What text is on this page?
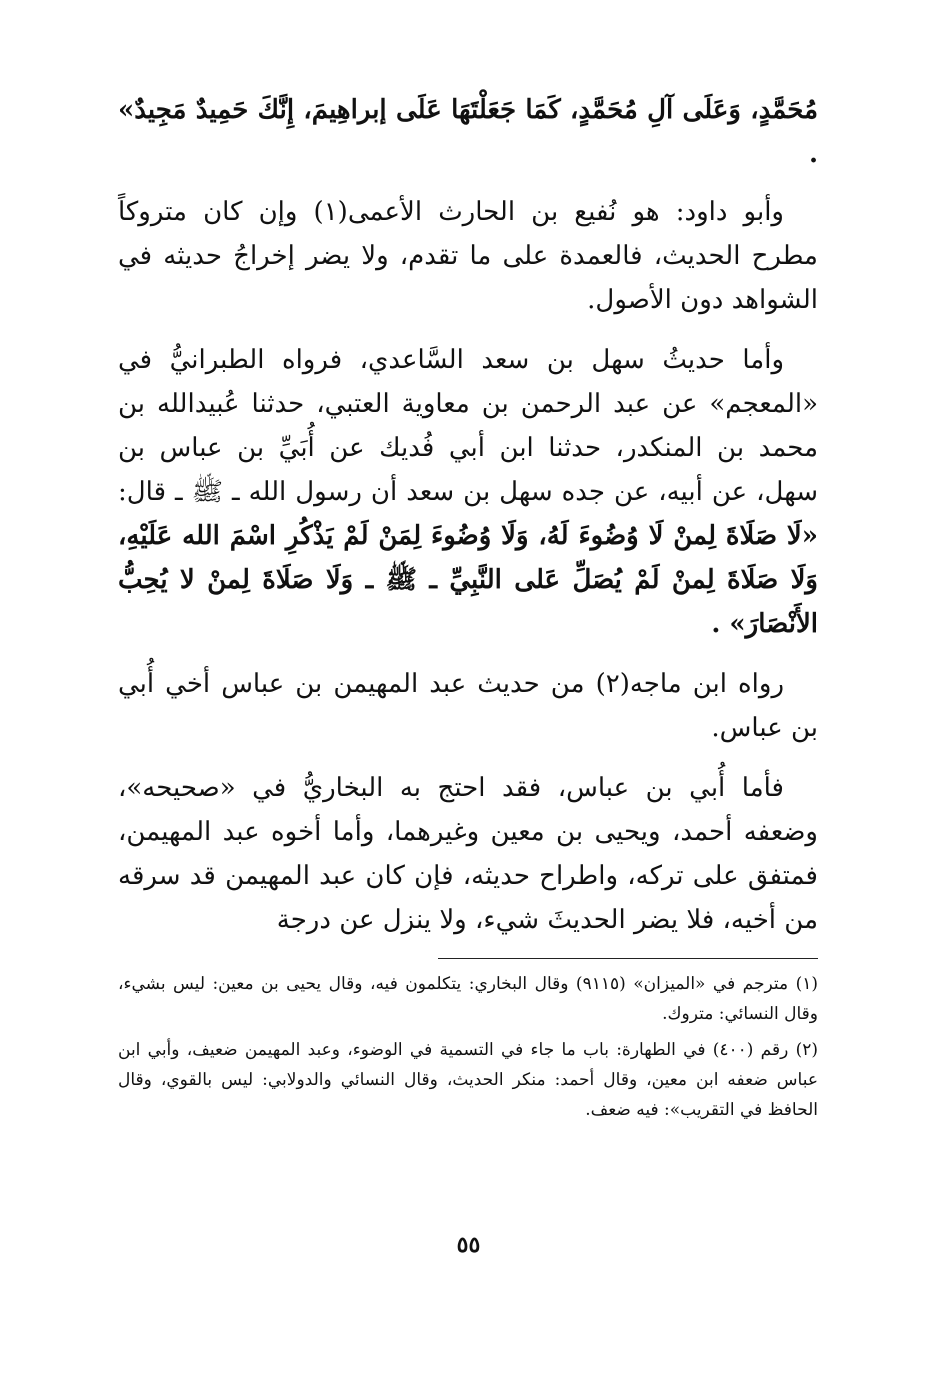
مُحَمَّدٍ، وَعَلَى آلِ مُحَمَّدٍ، كَمَا جَعَلْتَهَا عَلَى إبراهِيمَ، إِنَّكَ حَمِيدٌ مَجِيدٌ» .

وأبو داود: هو نُفيع بن الحارث الأعمى(١) وإن كان متروكاً مطرح الحديث، فالعمدة على ما تقدم، ولا يضر إخراجُ حديثه في الشواهد دون الأصول.

وأما حديثُ سهل بن سعد السَّاعدي، فرواه الطبرانيُّ في «المعجم» عن عبد الرحمن بن معاوية العتبي، حدثنا عُبيدالله بن محمد بن المنكدر، حدثنا ابن أبي فُديك عن أُبَيِّ بن عباس بن سهل، عن أبيه، عن جده سهل بن سعد أن رسول الله ـ ﷺ ـ قال: «لَا صَلَاةَ لِمنْ لَا وُضُوءَ لَهُ، وَلَا وُضُوءَ لِمَنْ لَمْ يَذْكُرِ اسْمَ الله عَلَيْهِ، وَلَا صَلَاةَ لِمنْ لَمْ يُصَلِّ عَلى النَّبِيِّ ـ ﷺ ـ وَلَا صَلَاةَ لِمنْ لا يُحِبُّ الأَنْصَارَ» .

رواه ابن ماجه(٢) من حديث عبد المهيمن بن عباس أخي أُبي بن عباس.

فأما أُبي بن عباس، فقد احتج به البخاريُّ في «صحيحه»، وضعفه أحمد، ويحيى بن معين وغيرهما، وأما أخوه عبد المهيمن، فمتفق على تركه، واطراح حديثه، فإن كان عبد المهيمن قد سرقه من أخيه، فلا يضر الحديثَ شيء، ولا ينزل عن درجة

(١) مترجم في «الميزان» (٩١١٥) وقال البخاري: يتكلمون فيه، وقال يحيى بن معين: ليس بشيء، وقال النسائي: متروك.

(٢) رقم (٤٠٠) في الطهارة: باب ما جاء في التسمية في الوضوء، وعبد المهيمن ضعيف، وأبي ابن عباس ضعفه ابن معين، وقال أحمد: منكر الحديث، وقال النسائي والدولابي: ليس بالقوي، وقال الحافظ في التقريب»: فيه ضعف.

٥٥
